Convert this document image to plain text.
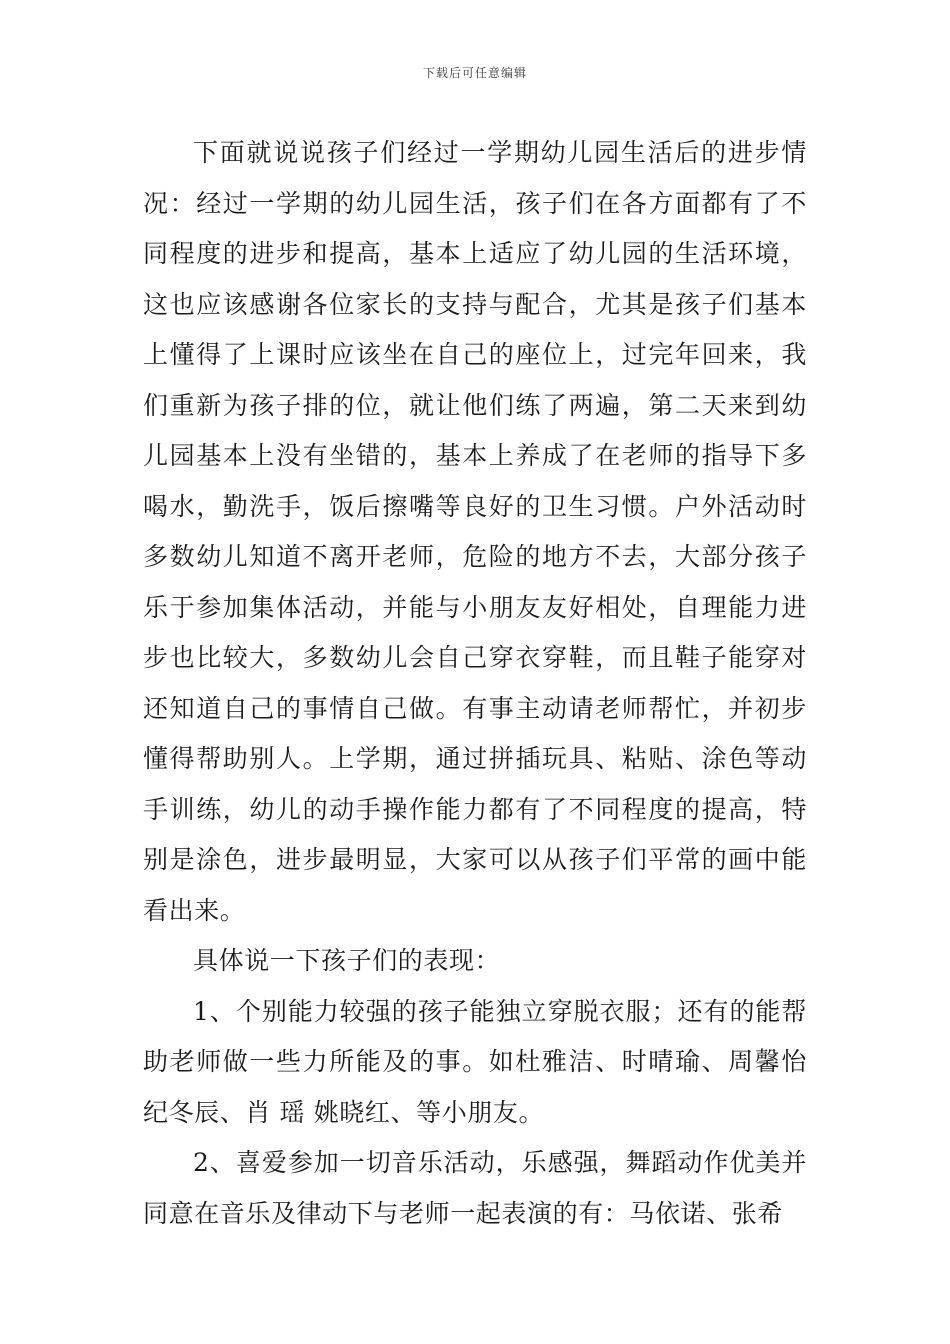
下载后可任意编辑

下面就说说孩子们经过一学期幼儿园生活后的进步情况：经过一学期的幼儿园生活，孩子们在各方面都有了不同程度的进步和提高，基本上适应了幼儿园的生活环境，这也应该感谢各位家长的支持与配合，尤其是孩子们基本上懂得了上课时应该坐在自己的座位上，过完年回来，我们重新为孩子排的位，就让他们练了两遍，第二天来到幼儿园基本上没有坐错的，基本上养成了在老师的指导下多喝水，勤洗手，饭后擦嘴等良好的卫生习惯。户外活动时多数幼儿知道不离开老师，危险的地方不去，大部分孩子乐于参加集体活动，并能与小朋友友好相处，自理能力进步也比较大，多数幼儿会自己穿衣穿鞋，而且鞋子能穿对还知道自己的事情自己做。有事主动请老师帮忙，并初步懂得帮助别人。上学期，通过拼插玩具、粘贴、涂色等动手训练，幼儿的动手操作能力都有了不同程度的提高，特别是涂色，进步最明显，大家可以从孩子们平常的画中能看出来。

具体说一下孩子们的表现：

1、个别能力较强的孩子能独立穿脱衣服；还有的能帮助老师做一些力所能及的事。如杜雅洁、时晴瑜、周馨怡纪冬辰、肖 瑶 姚晓红、等小朋友。

2、喜爱参加一切音乐活动，乐感强，舞蹈动作优美并同意在音乐及律动下与老师一起表演的有：马依诺、张希
